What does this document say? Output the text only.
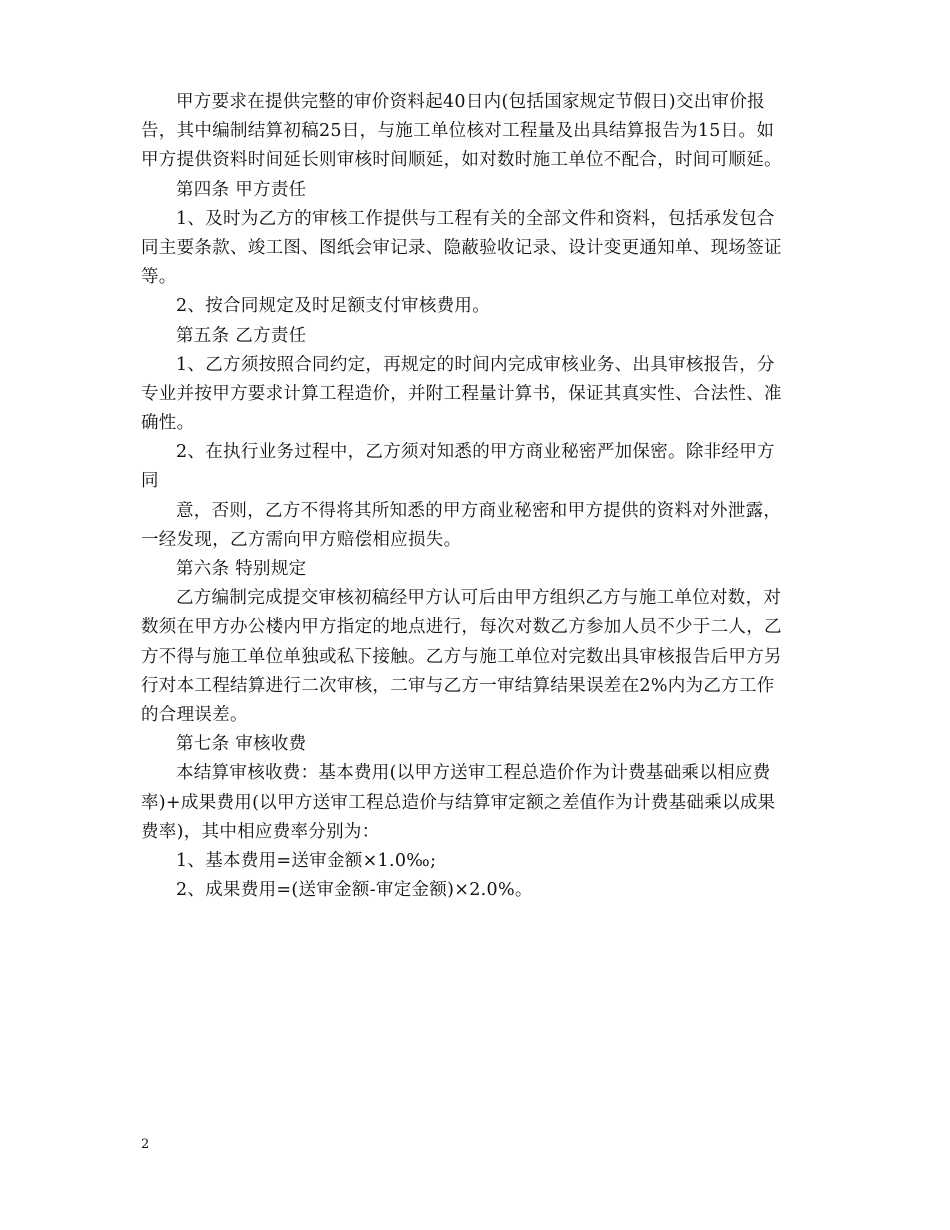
甲方要求在提供完整的审价资料起40日内(包括国家规定节假日)交出审价报

告，其中编制结算初稿25日，与施工单位核对工程量及出具结算报告为15日。如

甲方提供资料时间延长则审核时间顺延，如对数时施工单位不配合，时间可顺延。

第四条 甲方责任

1、及时为乙方的审核工作提供与工程有关的全部文件和资料，包括承发包合

同主要条款、竣工图、图纸会审记录、隐蔽验收记录、设计变更通知单、现场签证

等。

2、按合同规定及时足额支付审核费用。

第五条 乙方责任

1、乙方须按照合同约定，再规定的时间内完成审核业务、出具审核报告，分

专业并按甲方要求计算工程造价，并附工程量计算书，保证其真实性、合法性、准

确性。

2、在执行业务过程中，乙方须对知悉的甲方商业秘密严加保密。除非经甲方

同

意，否则，乙方不得将其所知悉的甲方商业秘密和甲方提供的资料对外泄露，

一经发现，乙方需向甲方赔偿相应损失。

第六条 特别规定

乙方编制完成提交审核初稿经甲方认可后由甲方组织乙方与施工单位对数，对

数须在甲方办公楼内甲方指定的地点进行，每次对数乙方参加人员不少于二人，乙

方不得与施工单位单独或私下接触。乙方与施工单位对完数出具审核报告后甲方另

行对本工程结算进行二次审核，二审与乙方一审结算结果误差在2%内为乙方工作

的合理误差。

第七条 审核收费

本结算审核收费：基本费用(以甲方送审工程总造价作为计费基础乘以相应费

率)+成果费用(以甲方送审工程总造价与结算审定额之差值作为计费基础乘以成果

费率)，其中相应费率分别为：

1、基本费用=送审金额×1.0‰;

2、成果费用=(送审金额-审定金额)×2.0%。

2
